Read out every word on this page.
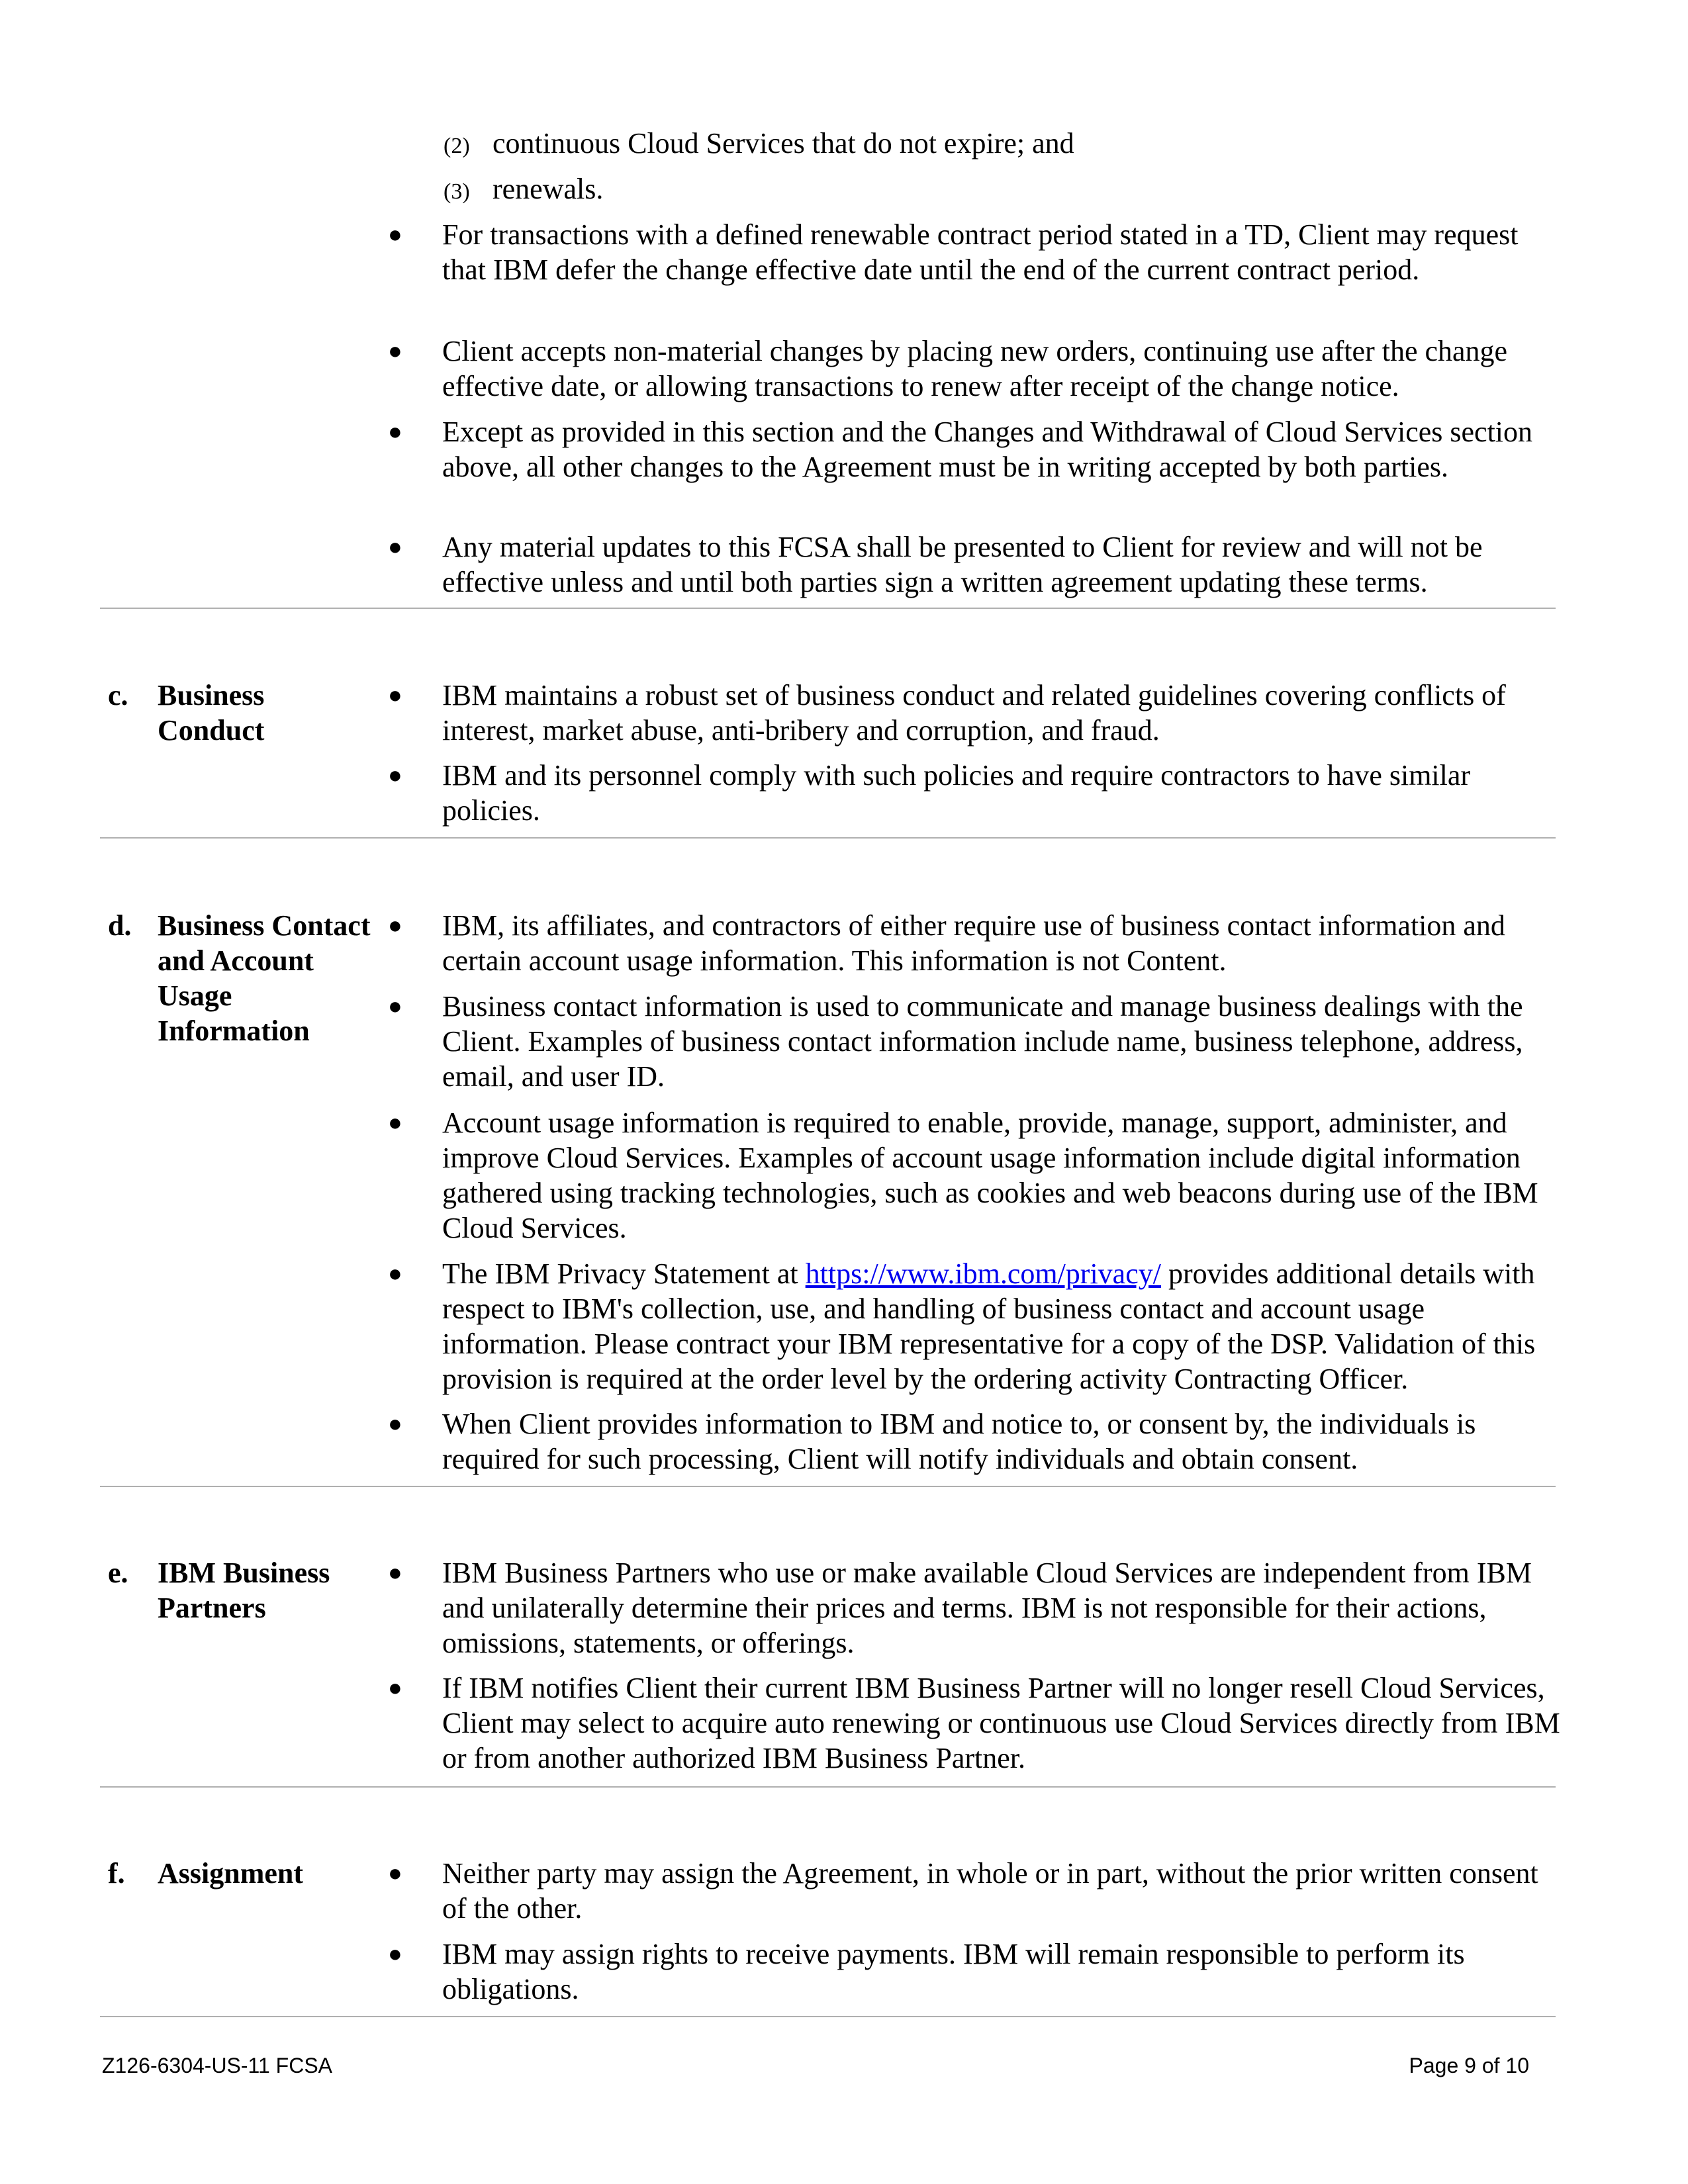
(2) continuous Cloud Services that do not expire; and
(3) renewals.
● For transactions with a defined renewable contract period stated in a TD, Client may request that IBM defer the change effective date until the end of the current contract period.
● Client accepts non-material changes by placing new orders, continuing use after the change effective date, or allowing transactions to renew after receipt of the change notice.
● Except as provided in this section and the Changes and Withdrawal of Cloud Services section above, all other changes to the Agreement must be in writing accepted by both parties.
● Any material updates to this FCSA shall be presented to Client for review and will not be effective unless and until both parties sign a written agreement updating these terms.
c. Business Conduct
● IBM maintains a robust set of business conduct and related guidelines covering conflicts of interest, market abuse, anti-bribery and corruption, and fraud.
● IBM and its personnel comply with such policies and require contractors to have similar policies.
d. Business Contact and Account Usage Information
● IBM, its affiliates, and contractors of either require use of business contact information and certain account usage information. This information is not Content.
● Business contact information is used to communicate and manage business dealings with the Client. Examples of business contact information include name, business telephone, address, email, and user ID.
● Account usage information is required to enable, provide, manage, support, administer, and improve Cloud Services. Examples of account usage information include digital information gathered using tracking technologies, such as cookies and web beacons during use of the IBM Cloud Services.
● The IBM Privacy Statement at https://www.ibm.com/privacy/ provides additional details with respect to IBM's collection, use, and handling of business contact and account usage information. Please contract your IBM representative for a copy of the DSP. Validation of this provision is required at the order level by the ordering activity Contracting Officer.
● When Client provides information to IBM and notice to, or consent by, the individuals is required for such processing, Client will notify individuals and obtain consent.
e. IBM Business Partners
● IBM Business Partners who use or make available Cloud Services are independent from IBM and unilaterally determine their prices and terms. IBM is not responsible for their actions, omissions, statements, or offerings.
● If IBM notifies Client their current IBM Business Partner will no longer resell Cloud Services, Client may select to acquire auto renewing or continuous use Cloud Services directly from IBM or from another authorized IBM Business Partner.
f. Assignment	● Neither party may assign the Agreement, in whole or in part, without the prior written consent of the other.
● IBM may assign rights to receive payments. IBM will remain responsible to perform its obligations.
Z126-6304-US-11 FCSA	Page 9 of 10
